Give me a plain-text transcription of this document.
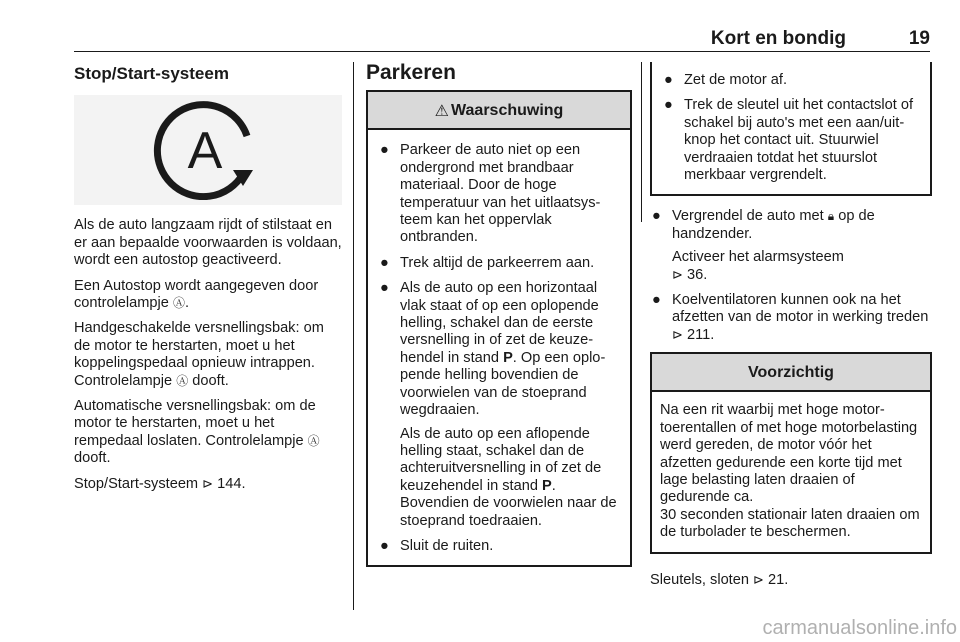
Kort en bondig	19
Stop/Start-systeem
A

Als de auto langzaam rijdt of stilstaat en er aan bepaalde voorwaarden is voldaan, wordt een autostop geactiveerd.

Een Autostop wordt aangegeven door controlelampje Ⓐ.

Handgeschakelde versnellingsbak: om de motor te herstarten, moet u het koppelingspedaal opnieuw intrappen. Controlelampje Ⓐ dooft.

Automatische versnellingsbak: om de motor te herstarten, moet u het rempedaal loslaten. Controlelampje Ⓐ dooft.

Stop/Start-systeem ⊳ 144.

Parkeren
⚠ Waarschuwing
● Parkeer de auto niet op een ondergrond met brandbaar materiaal. Door de hoge temperatuur van het uitlaatsysteem kan het oppervlak ontbranden.
● Trek altijd de parkeerrem aan.
● Als de auto op een horizontaal vlak staat of op een oplopende helling, schakel dan de eerste versnelling in of zet de keuzehendel in stand P. Op een oplopende helling bovendien de voorwielen van de stoeprand wegdraaien.
Als de auto op een aflopende helling staat, schakel dan de achteruitversnelling in of zet de keuzehendel in stand P. Bovendien de voorwielen naar de stoeprand toedraaien.
● Sluit de ruiten.
● Zet de motor af.
● Trek de sleutel uit het contactslot of schakel bij auto's met een aan/uit-knop het contact uit. Stuurwiel verdraaien totdat het stuurslot merkbaar vergrendelt.
● Vergrendel de auto met 🔒︎ op de handzender.
Activeer het alarmsysteem
⊳ 36.
● Koelventilatoren kunnen ook na het afzetten van de motor in werking treden ⊳ 211.
Voorzichtig
Na een rit waarbij met hoge motortoerentallen of met hoge motorbelasting werd gereden, de motor vóór het afzetten gedurende een korte tijd met lage belasting laten draaien of gedurende ca.
30 seconden stationair laten draaien om de turbolader te beschermen.

Sleutels, sloten ⊳ 21.

carmanualsonline.info
